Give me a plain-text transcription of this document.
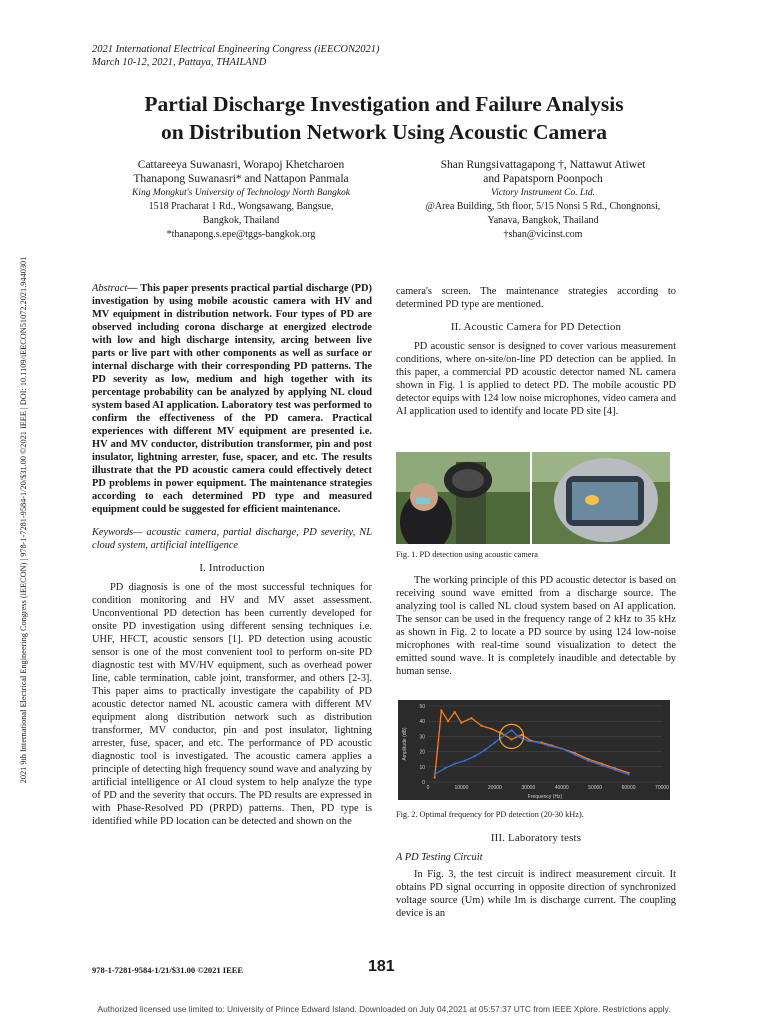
2021 International Electrical Engineering Congress (iEECON2021)
March 10-12, 2021, Pattaya, THAILAND
Partial Discharge Investigation and Failure Analysis
on Distribution Network Using Acoustic Camera
Cattareeya Suwanasri, Worapoj Khetcharoen
Thanapong Suwanasri* and Nattapon Panmala
King Mongkut's University of Technology North Bangkok
1518 Pracharat 1 Rd., Wongsawang, Bangsue,
Bangkok, Thailand
*thanapong.s.epe@tggs-bangkok.org
Shan Rungsivattagapong †, Nattawut Atiwet
and Papatsporn Poonpoch
Victory Instrument Co. Ltd.
@Area Building, 5th floor, 5/15 Nonsi 5 Rd., Chongnonsi,
Yanava, Bangkok, Thailand
†shan@vicinst.com
2021 9th International Electrical Engineering Congress (iEECON) | 978-1-7281-9584-1/20/$31.00 ©2021 IEEE | DOI: 10.1109/iEECON51072.2021.9440301	Abstract— This paper presents practical partial discharge (PD) investigation by using mobile acoustic camera with HV and MV equipment in distribution network. Four types of PD are observed including corona discharge at energized electrode with low and high discharge intensity, arcing between live parts or live part with other components as well as surface or internal discharge with their corresponding PD patterns. The PD severity as low, medium and high together with its percentage probability can be analyzed by applying NL cloud system based AI application. Laboratory test was performed to confirm the effectiveness of the PD camera. Practical experiences with different MV equipment are presented i.e. HV and MV conductor, distribution transformer, pin and post insulator, lightning arrester, fuse, spacer, and etc. The results illustrate that the PD acoustic camera could effectively detect PD problems in power equipment. The maintenance strategies according to each determined PD type and measured equipment could be suggested for efficient maintenance.

Keywords— acoustic camera, partial discharge, PD severity, NL cloud system, artificial intelligence

I. Introduction

PD diagnosis is one of the most successful techniques for condition monitoring and HV and MV asset assessment. Unconventional PD detection has been currently developed for onsite PD investigation using different sensing techniques i.e. UHF, HFCT, acoustic sensors [1]. PD detection using acoustic sensor is one of the most convenient tool to perform on-site PD diagnostic test with MV/HV equipment, such as overhead power line, cable termination, cable joint, transformer, and others [2-3]. This paper aims to practically investigate the capability of PD acoustic detector named NL acoustic camera with different MV equipment along distribution network such as distribution transformer, MV conductor, pin and post insulator, lightning arrester, fuse, spacer, and etc. The performance of PD acoustic diagnostic tool is investigated. The acoustic camera applies a principle of detecting high frequency sound wave and analyzing by artificial intelligence or AI cloud system to help analyze the type of PD and the severity that occurs. The PD results are expressed in with Phase-Resolved PD (PRPD) patterns. Then, PD type is identified while PD location can be detected and shown on the

camera's screen. The maintenance strategies according to determined PD type are mentioned.

II. Acoustic Camera for PD Detection

PD acoustic sensor is designed to cover various measurement conditions, where on-site/on-line PD detection can be applied. In this paper, a commercial PD acoustic detector named NL camera shown in Fig. 1 is applied to detect PD. The mobile acoustic PD detector equips with 124 low noise microphones, video camera and AI application used to identify and locate PD site [4].

Fig. 1. PD detection using acoustic camera

The working principle of this PD acoustic detector is based on receiving sound wave emitted from a discharge source. The analyzing tool is called NL cloud system based on AI application. The sensor can be used in the frequency range of 2 kHz to 35 kHz as shown in Fig. 2 to locate a PD source by using 124 low-noise microphones with real-time sound visualization to detect the emitted sound wave. It is completely inaudible and detectable by human sense.

0
10
20
30
40
50
0	10000	20000	30000	40000	50000	60000	70000
Frequency (Hz)
Amplitude (dB)
Fig. 2. Optimal frequency for PD detection (20-30 kHz).

III. Laboratory tests

A PD Testing Circuit

In Fig. 3, the test circuit is indirect measurement circuit. It obtains PD signal occurring in opposite direction of synchronized voltage source (Um) while Im is discharge current. The coupling device is an

978-1-7281-9584-1/21/$31.00 ©2021 IEEE	181
Authorized licensed use limited to: University of Prince Edward Island. Downloaded on July 04,2021 at 05:57:37 UTC from IEEE Xplore. Restrictions apply.
